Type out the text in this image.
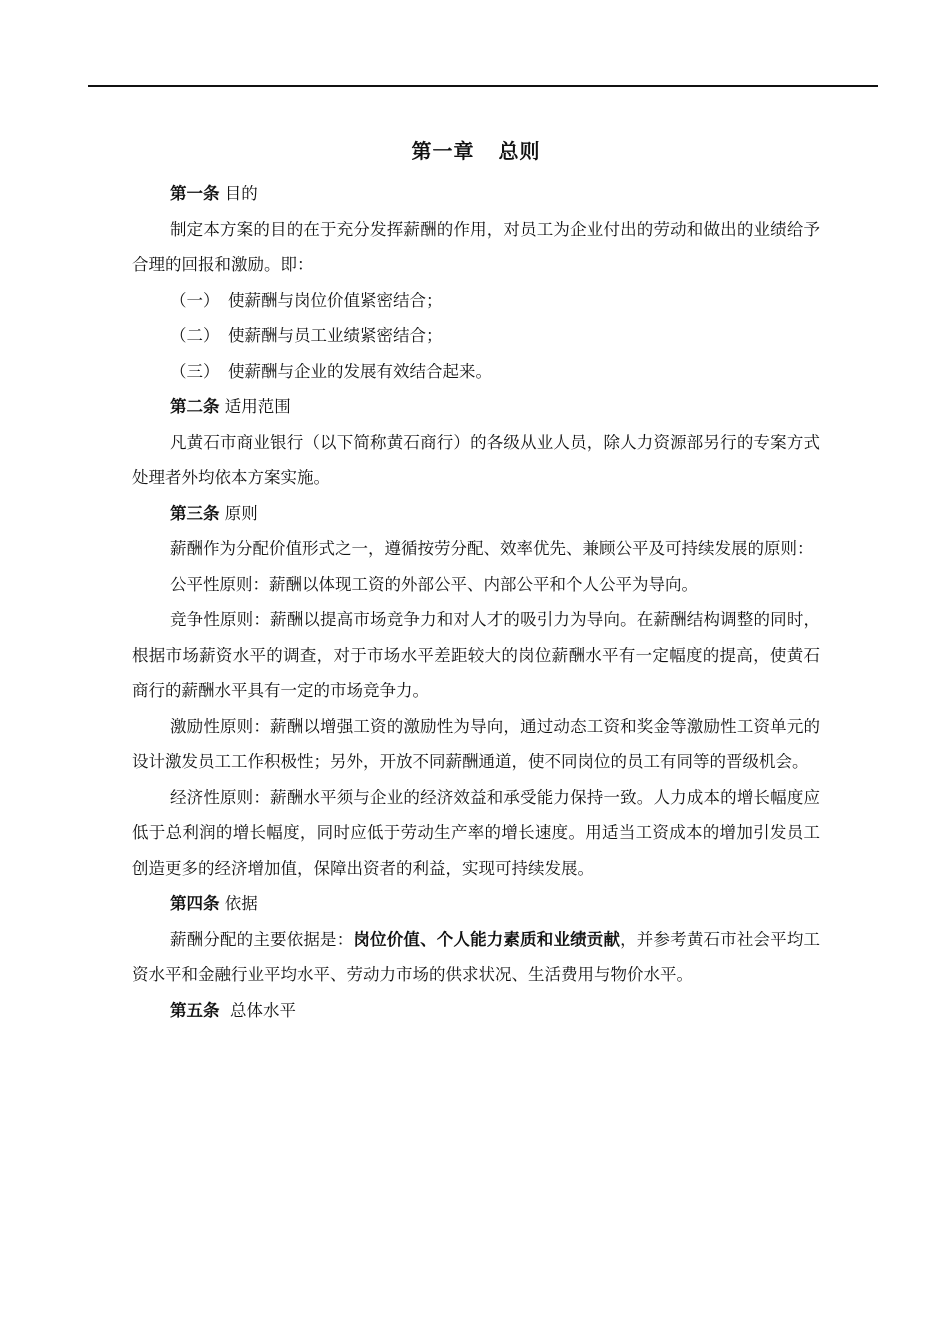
第一章 总则

第一条 目的

制定本方案的目的在于充分发挥薪酬的作用，对员工为企业付出的劳动和做出的业绩给予合理的回报和激励。即：

（一） 使薪酬与岗位价值紧密结合；

（二） 使薪酬与员工业绩紧密结合；

（三） 使薪酬与企业的发展有效结合起来。

第二条 适用范围

凡黄石市商业银行（以下简称黄石商行）的各级从业人员，除人力资源部另行的专案方式处理者外均依本方案实施。

第三条 原则

薪酬作为分配价值形式之一，遵循按劳分配、效率优先、兼顾公平及可持续发展的原则：

公平性原则：薪酬以体现工资的外部公平、内部公平和个人公平为导向。

竞争性原则：薪酬以提高市场竞争力和对人才的吸引力为导向。在薪酬结构调整的同时，根据市场薪资水平的调查，对于市场水平差距较大的岗位薪酬水平有一定幅度的提高，使黄石商行的薪酬水平具有一定的市场竞争力。

激励性原则：薪酬以增强工资的激励性为导向，通过动态工资和奖金等激励性工资单元的设计激发员工工作积极性；另外，开放不同薪酬通道，使不同岗位的员工有同等的晋级机会。

经济性原则：薪酬水平须与企业的经济效益和承受能力保持一致。人力成本的增长幅度应低于总利润的增长幅度，同时应低于劳动生产率的增长速度。用适当工资成本的增加引发员工创造更多的经济增加值，保障出资者的利益，实现可持续发展。

第四条 依据

薪酬分配的主要依据是：岗位价值、个人能力素质和业绩贡献，并参考黄石市社会平均工资水平和金融行业平均水平、劳动力市场的供求状况、生活费用与物价水平。

第五条 总体水平
